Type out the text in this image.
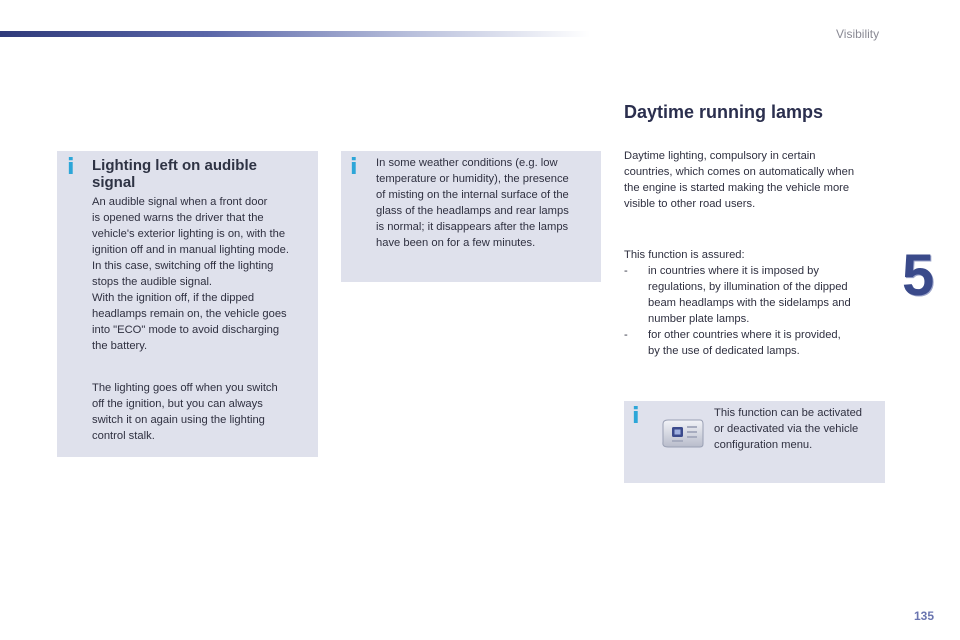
Visibility
5
135
i Lighting left on audible
signal
An audible signal when a front door
is opened warns the driver that the
vehicle's exterior lighting is on, with the
ignition off and in manual lighting mode.
In this case, switching off the lighting
stops the audible signal.
With the ignition off, if the dipped
headlamps remain on, the vehicle goes
into "ECO" mode to avoid discharging
the battery.
The lighting goes off when you switch
off the ignition, but you can always
switch it on again using the lighting
control stalk.
i In some weather conditions (e.g. low
temperature or humidity), the presence
of misting on the internal surface of the
glass of the headlamps and rear lamps
is normal; it disappears after the lamps
have been on for a few minutes.
Daytime running lamps
Daytime lighting, compulsory in certain
countries, which comes on automatically when
the engine is started making the vehicle more
visible to other road users.
This function is assured:
- in countries where it is imposed by
regulations, by illumination of the dipped
beam headlamps with the sidelamps and
number plate lamps.
- for other countries where it is provided,
by the use of dedicated lamps.
i	This function can be activated
or deactivated via the vehicle
configuration menu.
